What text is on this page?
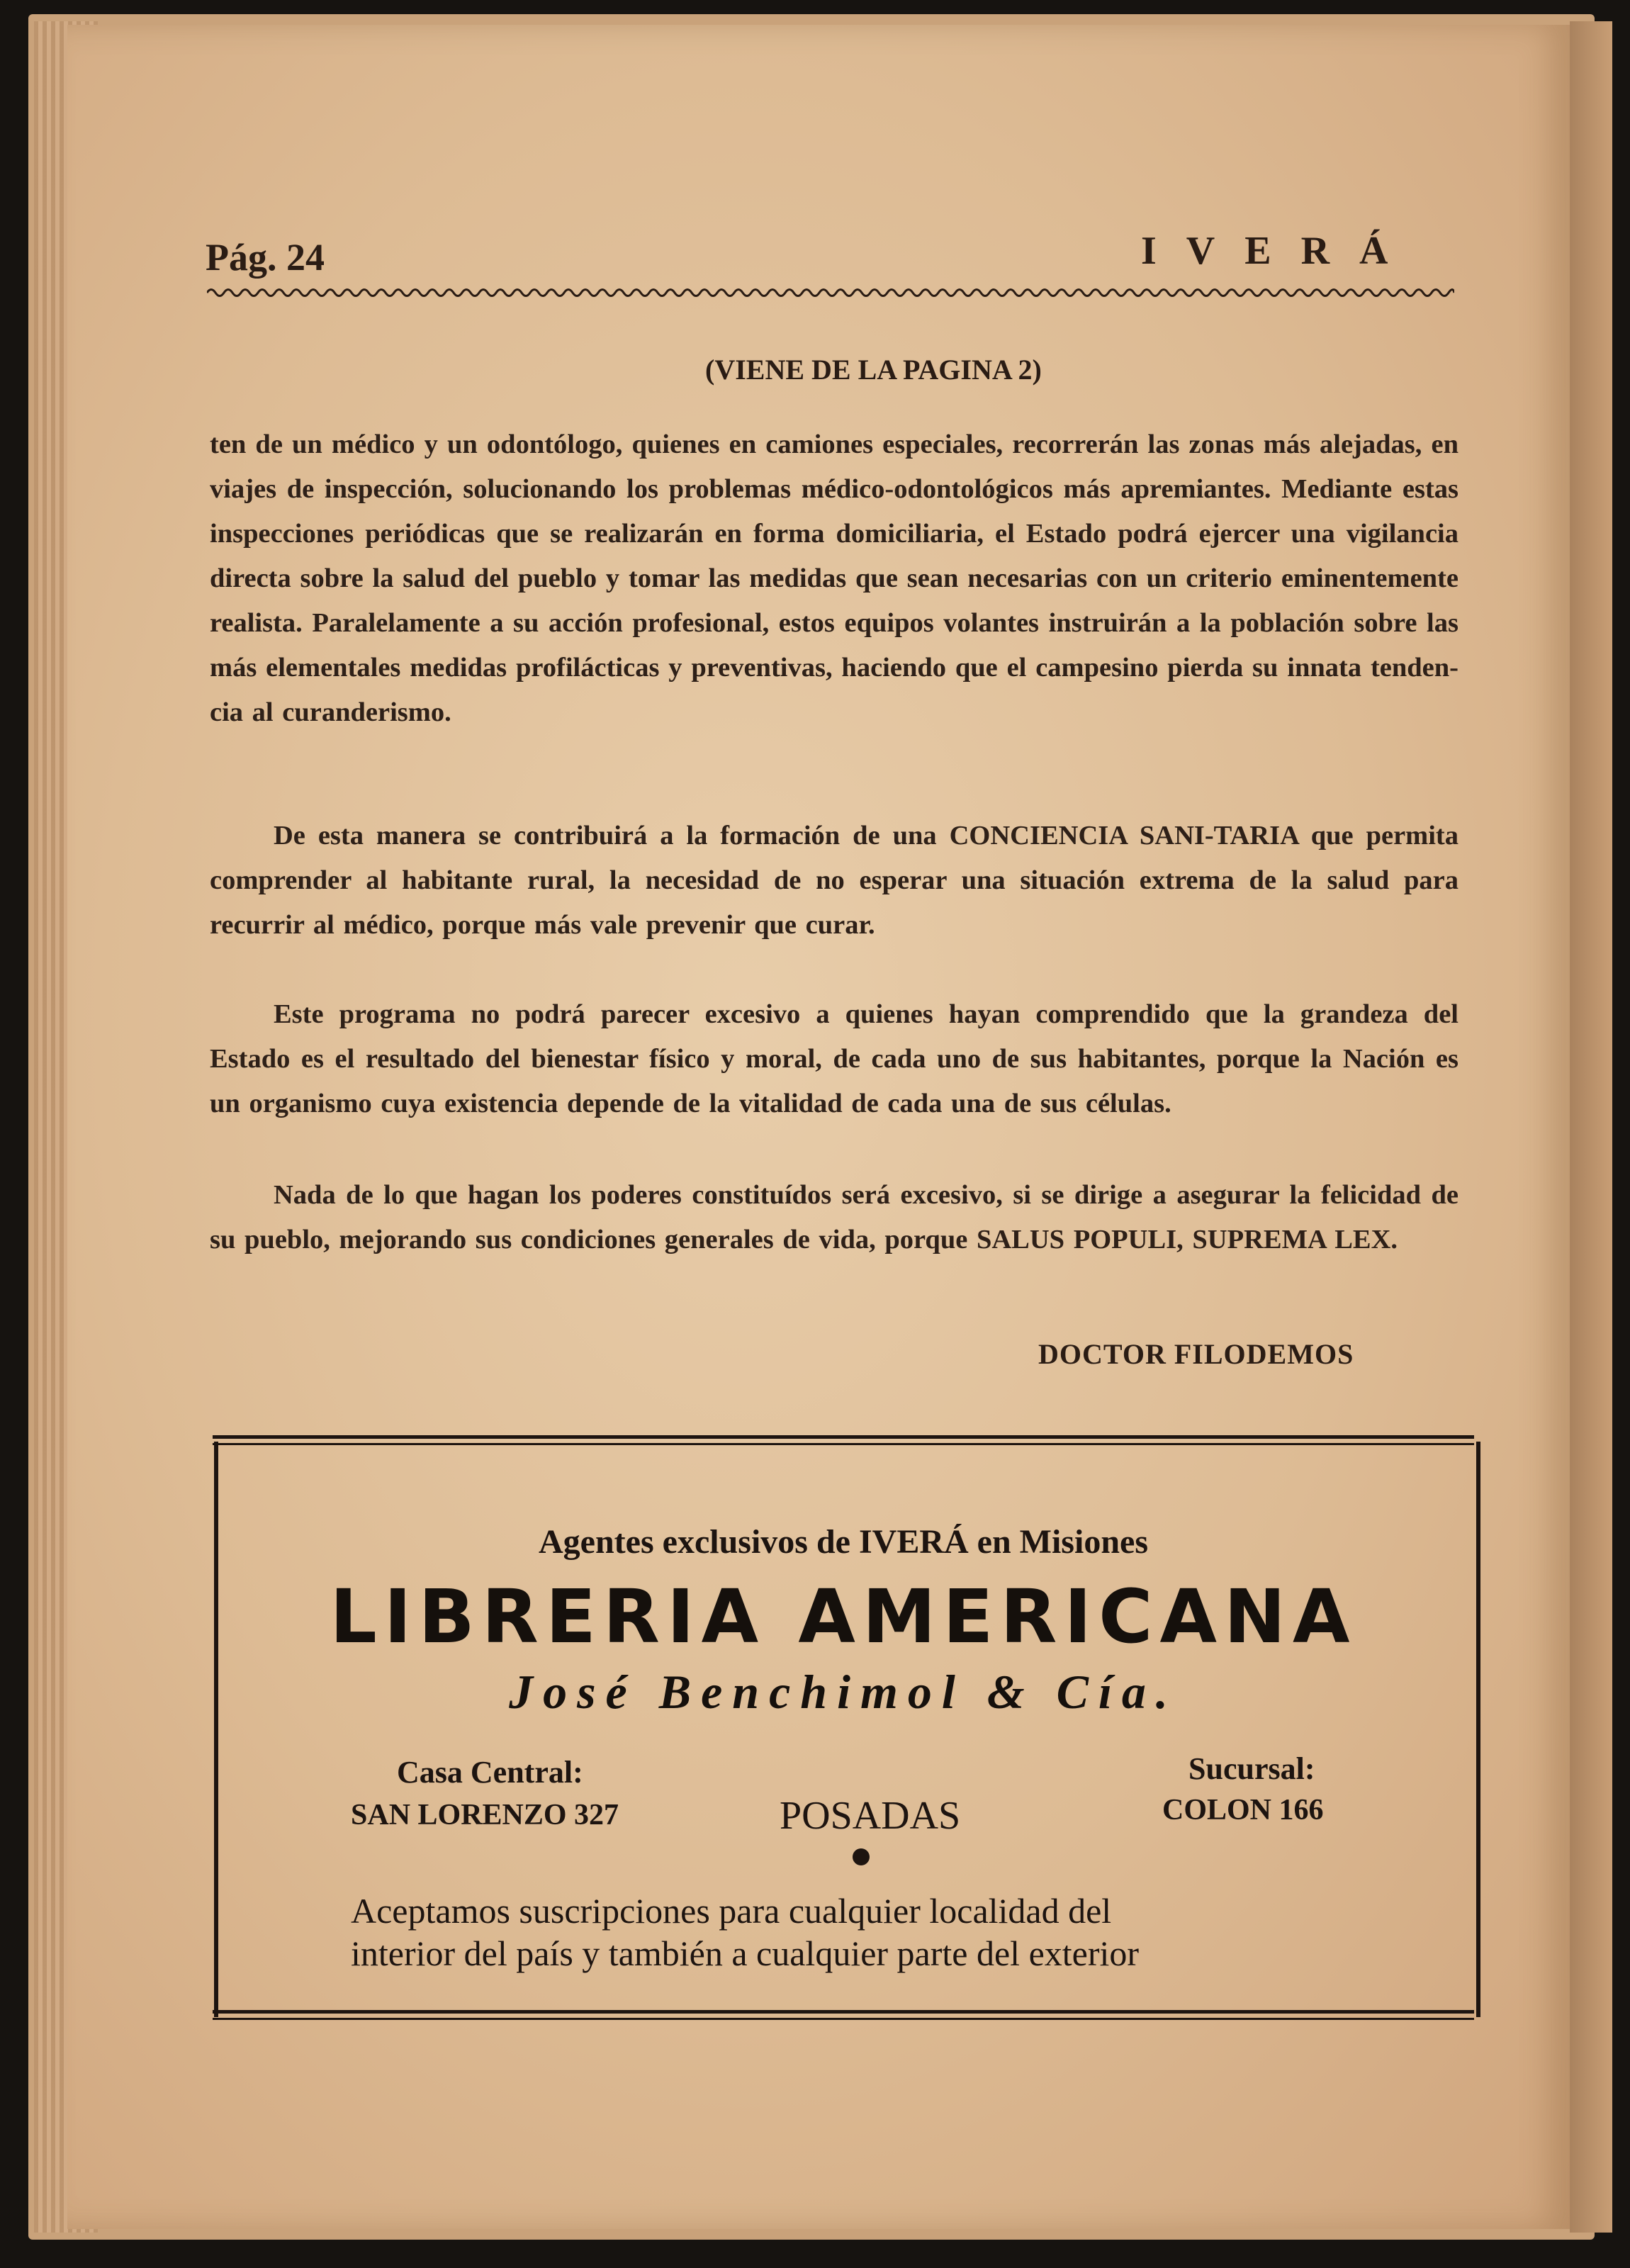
Pág. 24	IVERÁ
(VIENE DE LA PAGINA 2)

ten de un médico y un odontólogo, quienes en camiones especiales, recorrerán las zonas más alejadas, en viajes de inspección, solucionando los problemas médico-odontológicos más apremiantes. Mediante estas inspecciones periódicas que se realizarán en forma domiciliaria, el Estado podrá ejercer una vigilancia directa sobre la salud del pueblo y tomar las medidas que sean necesarias con un criterio eminentemente realista. Paralelamente a su acción profesional, estos equipos volantes instruirán a la población sobre las más elementales medidas profilácticas y preventivas, haciendo que el campesino pierda su innata tenden-cia al curanderismo.

De esta manera se contribuirá a la formación de una CONCIENCIA SANI-TARIA que permita comprender al habitante rural, la necesidad de no esperar una situación extrema de la salud para recurrir al médico, porque más vale prevenir que curar.

Este programa no podrá parecer excesivo a quienes hayan comprendido que la grandeza del Estado es el resultado del bienestar físico y moral, de cada uno de sus habitantes, porque la Nación es un organismo cuya existencia depende de la vitalidad de cada una de sus células.

Nada de lo que hagan los poderes constituídos será excesivo, si se dirige a asegurar la felicidad de su pueblo, mejorando sus condiciones generales de vida, porque SALUS POPULI, SUPREMA LEX.

DOCTOR FILODEMOS
Agentes exclusivos de IVERÁ en Misiones
LIBRERIA AMERICANA
José Benchimol & Cía.
Casa Central:
SAN LORENZO 327	POSADAS
Sucursal:
COLON 166

Aceptamos suscripciones para cualquier localidad del
interior del país y también a cualquier parte del exterior
